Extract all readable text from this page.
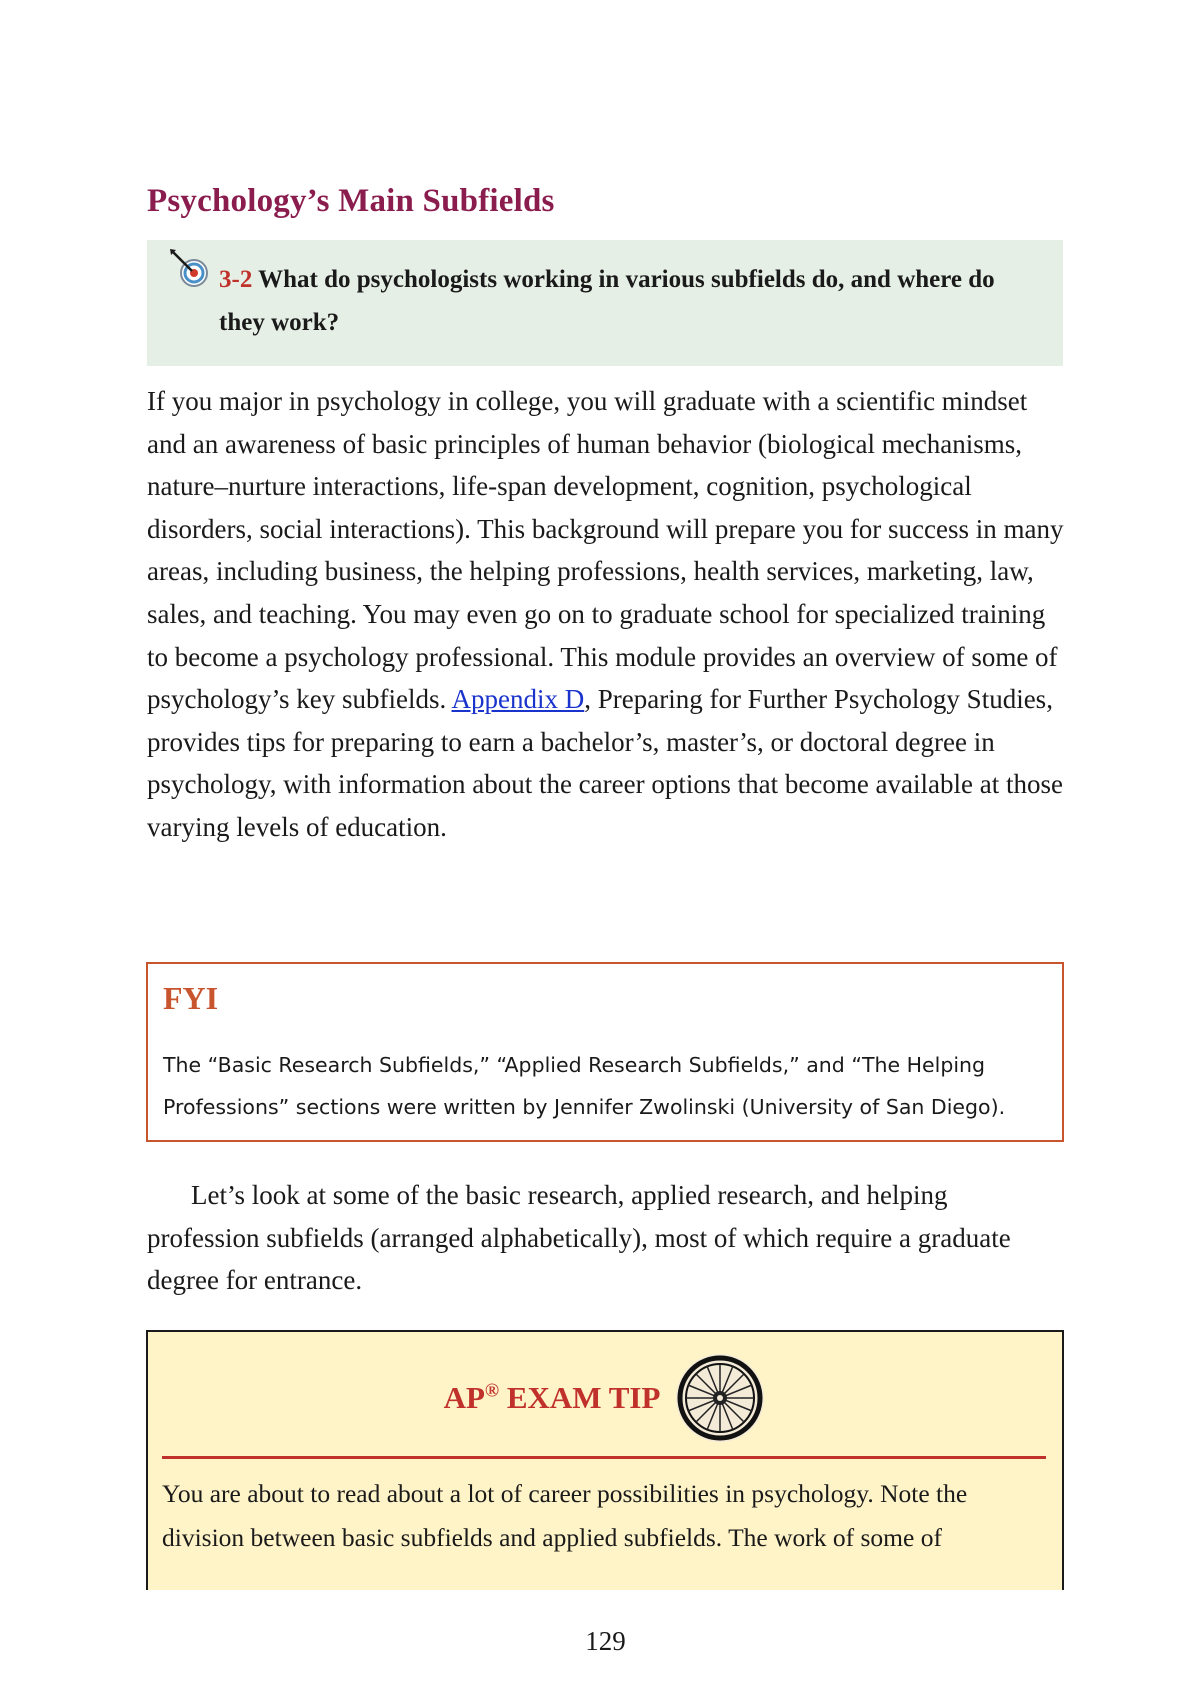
Psychology’s Main Subfields

3-2 What do psychologists working in various subfields do, and where do they work?

If you major in psychology in college, you will graduate with a scientific mindset and an awareness of basic principles of human behavior (biological mechanisms, nature–nurture interactions, life-span development, cognition, psychological disorders, social interactions). This background will prepare you for success in many areas, including business, the helping professions, health services, marketing, law, sales, and teaching. You may even go on to graduate school for specialized training to become a psychology professional. This module provides an overview of some of psychology’s key subfields. Appendix D, Preparing for Further Psychology Studies, provides tips for preparing to earn a bachelor’s, master’s, or doctoral degree in psychology, with information about the career options that become available at those varying levels of education.

FYI

The “Basic Research Subfields,” “Applied Research Subfields,” and “The Helping Professions” sections were written by Jennifer Zwolinski (University of San Diego).

Let’s look at some of the basic research, applied research, and helping profession subfields (arranged alphabetically), most of which require a graduate degree for entrance.

AP® EXAM TIP

You are about to read about a lot of career possibilities in psychology. Note the division between basic subfields and applied subfields. The work of some of

129
